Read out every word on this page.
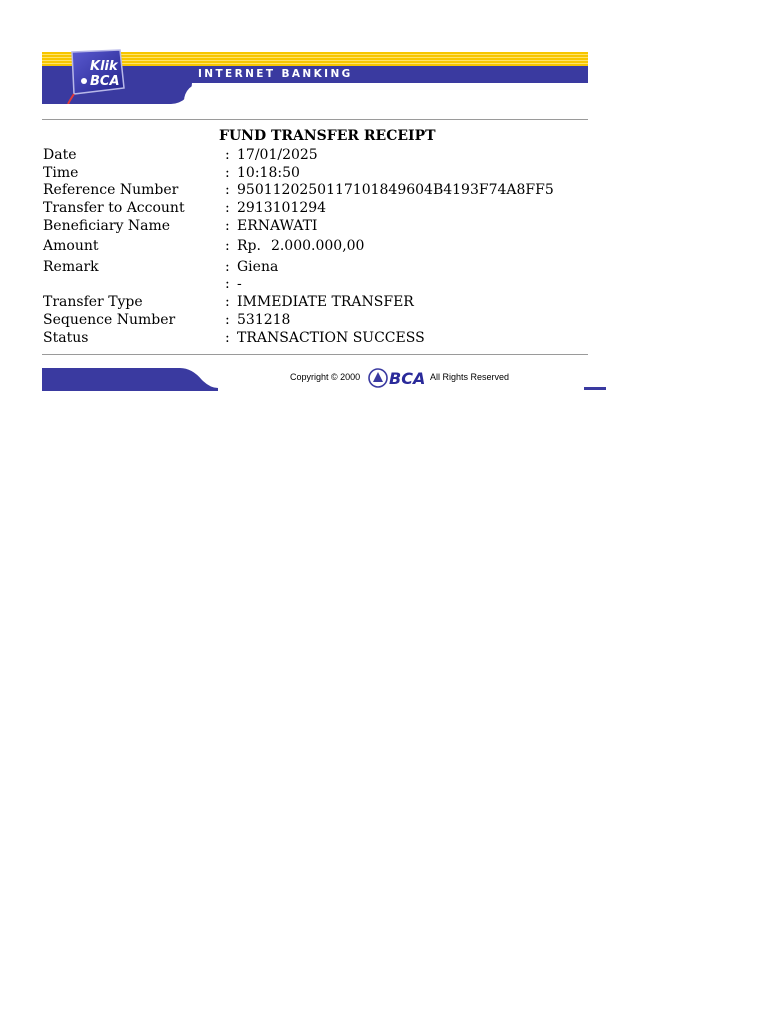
INTERNET BANKING
Klik
BCA
FUND TRANSFER RECEIPT
Date	: 17/01/2025
Time	: 10:18:50
Reference Number	: 9501120250117101849604B4193F74A8FF5
Transfer to Account	: 2913101294
Beneficiary Name	: ERNAWATI
Amount	: Rp. 2.000.000,00
Remark	: Giena
: -
Transfer Type	: IMMEDIATE TRANSFER
Sequence Number	: 531218
Status	: TRANSACTION SUCCESS
Copyright © 2000 BCA All Rights Reserved
